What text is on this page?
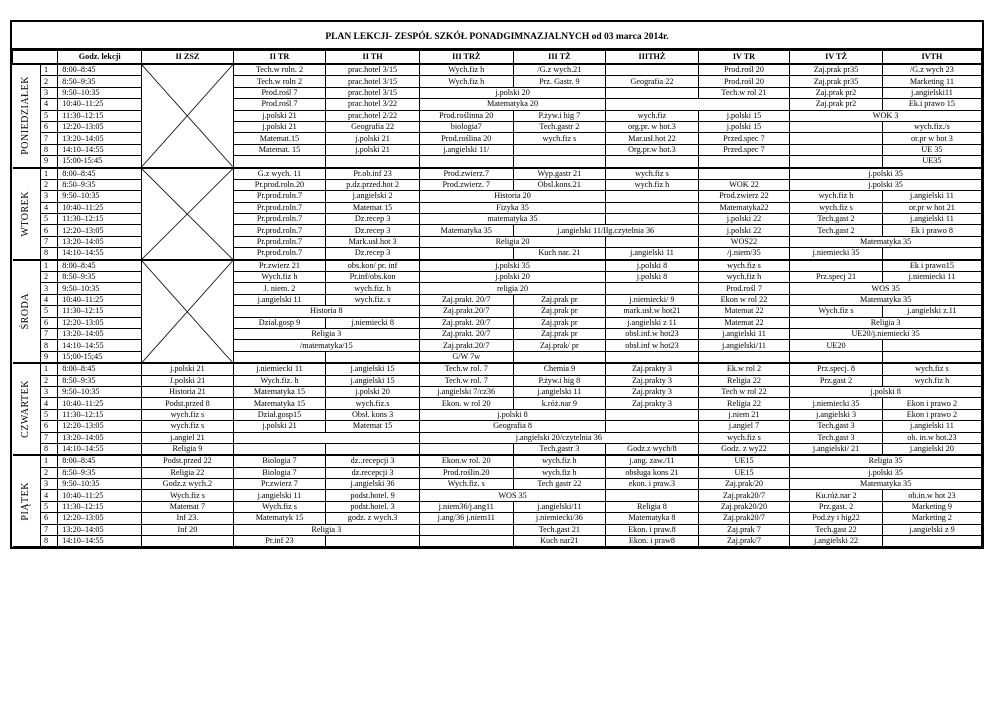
PLAN LEKCJI- ZESPÓŁ SZKÓŁ PONADGIMNAZJALNYCH od 03 marca 2014r.
		Godz. lekcji	II ZSZ	II TR	II TH	III TRŻ	III TŻ	IIITHŻ	IV TR	IV TŻ	IVTH

PONIEDZIAŁEK	1	8:00–8:45		Tech.w roln. 2	prac.hotel 3/15	Wych.fiz h	/G.z wych.21		Prod.rośl 20	Zaj.prak pr35	/G.z wych 23
	2	8:50–9:35		Tech.w roln 2	prac.hotel 3/15	Wych.fiz h	Prz. Gastr. 9	Geografia 22	Prod.rośl 20	Zaj.prak pr35	Marketing 11
	3	9:50–10:35		Prod.rośl 7	prac.hotel 3/15	j.polski 20			Tech.w rol 21	Zaj.prak pr2	j.angielski11
	4	10:40–11:25		Prod.rośl 7	prac.hotel 3/22	Matematyka 20				Zaj.prak pr2	Ek.i prawo 15
	5	11:30–12:15		j.polski 21	prac.hotel 2/22	Prod.roślinna 20	P.żyw.i hig 7	wych.fiz	j.polski 15	WOK 3	
	6	12:20–13:05		j.polski 21	Geografia 22	biologia7	Tech.gastr 2	org.pr. w hot.3	j.polski 15		wych.fiz./s
	7	13:20–14:05		Matemat.15	j.polski 21	Prod.roślina 20	wych.fiz s	Mar.usł.hot 22	Przed.spec 7		or.pr w hot 3
	8	14:10–14:55		Matemat. 15	j.polski 21	j.angielski 11/		Org.pr.w hot.3	Przed.spec 7		UE 35
	9	15:00-15:45									UE35

WTOREK	1	8:00–8:45		G.z wych. 11	Pr.ob.inf 23	Prod.zwierz.7	Wyp.gastr 21	wych.fiz s		j.polski 35	
	2	8:50–9:35		Pr.prod.roln.20	p.dz.przed.hot 2	Prod.zwierz. 7	Obsl.kons.21	wych.fiz h	WOK 22	j.polski 35	
	3	9:50–10:35		Pr.prod.roln.7	j.angielski 2	Historia 20			Prod.zwierz 22	wych.fiz h	j.angielski 11
	4	10:40–11:25		Pr.prod.roln.7	Matemat 15	Fizyka 35			Matematyka22	wych.fiz s	or.pr w hot 21
	5	11:30–12:15		Pr.prod.roln.7	Dz.recep 3	matematyka 35			j.polski 22	Tech.gast 2	j.angielski 11
	6	12:20–13:05		Pr.prod.roln.7	Dz.recep 3	Matematyka 35	j.angielski 11/Iłg.czytelnia 36		j.polski 22	Tech.gast 2	Ek i prawo 8
	7	13:20–14:05		Pr.prod.roln.7	Mark.usł.hot 3	Religia 20			WOS22	Matematyka 35	
	8	14:10–14:55		Pr.prod.roln.7	Dz.recep 3		Kuch nar. 21	j.angielski 11	/j.niem/35	j.niemiecki 35	

ŚRODA	1	8:00–8:45		Pr.zwierz 21	obs.kon/ pr. inf	j.polski 35		j.polski 8	wych.fiz s		Ek i prawo15
	2	8:50–9:35		Wych.fiz h	Pr.inf/obs.kon	j.polski 20		j.polski 8	wych.fiz h	Prz.specj 21	j.niemiecki 11
	3	9:50–10:35		J. niem. 2	wych.fiz. h	religia 20			Prod.rośl 7	WOS 35	
	4	10:40–11:25		j.angielski 11	wych.fiz. s	Zaj.prakt. 20/7	Zaj.prak pr	j.niemiecki/ 9	Ekon w rol 22	Matematyka 35	
	5	11:30–12:15		Historia 8		Zaj.prakt.20/7	Zaj.prak pr	mark.usł.w hot21	Matemat 22	Wych.fiz s	j.angielski z.11
	6	12:20–13:05		Dział.gosp 9	j.niemiecki 8	Zaj.prakt. 20/7	Zaj.prak pr	j.angielski z 11	Matemat 22	Religia 3	
	7	13:20–14:05		Religia 3		Zaj.prakt. 20/7	Zaj.prak pr	obsł.inf.w hot23	j.angielski 11	UE20/j.niemiecki 35	
	8	14:10–14:55		/matematyka/15		Zaj.prakt.20/7	Zaj.prak/ pr	obsł.inf w hot23	j.angielski/11	UE20	
	9	15;00-15;45				G/W 7w					

CZWARTEK	1	8:00–8:45	j.polski 21	j.niemiecki 11	j.angielski 15	Tech.w rol. 7	Chemia 9	Zaj.prakty 3	Ek.w rol 2	Prz.specj. 8	wych.fiz s
	2	8:50–9:35	J.polski 21	Wych.fiz. h	j.angielski 15	Tech.w rol. 7	P.żyw.i hig 8	Zaj.prakty 3	Religia 22	Prz.gast 2	wych.fiz h
	3	9:50–10:35	Historia 21	Matematyka 15	j.polski 20	j.angielski 7/cz36	j.angielski 11	Zaj.prakty 3	Tech w rol 22	j.polski 8	
	4	10:40–11:25	Podst.przed 8	Matematyka 15	wych.fiz.s	Ekon. w rol 20	k.róż.nar 9	Zaj.prakty 3	Religia 22	j.niemiecki 35	Ekon i prawo 2
	5	11:30–12:15	wych.fiz s	Dział.gosp15	Obsł. kons 3	j.polski 8			j.niem 21	j.angielski 3	Ekon i prawo 2
	6	12:20–13:05	wych.fiz s	j.polski 21	Matemat 15	Geografia 8			j.angiel 7	Tech.gast 3	j.angielski 11
	7	13:20–14:05	j.angiel 21			j.angielski 20/czytelnia 36			wych.fiz s	Tech.gast 3	ob. in.w hot.23
	8	14:10–14:55	Religia 9				Tech.gastr 3	Godz.z wych/8	Godz. z wy22	j.angielski/ 21	j.angielski 20

PIĄTEK	1	8:00–8:45	Podst.przed 22	Biologia 7	dz..recepcji 3	Ekon.w rol. 20	wych.fiz h	j.ang. zaw./11	UE15	Religia 35	
	2	8:50–9:35	Religia 22	Biologia 7	dz.recepcji 3	Prod.roślin.20	wych.fiz h	obsługa kons 21	UE15	j.polski 35	
	3	9:50–10:35	Godz.z wych.2	Pr.zwierz 7	j.angielski 36	Wych.fiz. s	Tech gastr 22	ekon. i praw.3	Zaj.prak/20	Matematyka 35	
	4	10:40–11:25	Wych.fiz s	j.angielski 11	podst.hotel. 9	WOS 35			Zaj.prak20/7	Ku.róż.nar 2	ob.in.w hot 23
	5	11:30–12:15	Matemat 7	Wych.fiz s	podst.hotel. 3	j.niem36/j.ang11	j.angielski/11	Religia 8	Zaj.prak20/20	Prz.gast. 2	Marketing 9
	6	12:20–13:05	Inf 23.	Matematyk 15	godz. z wych.3	j.ang/36 j.niem11	j.niemiecki/36	Matematyka 8	Zaj.prak20/7	Pod.ży i hig22	Marketing 2
	7	13:20–14:05	Inf 20	Religia 3			Tech.gast 21	Ekon. i praw.8	Zaj.prak 7	Tech.gast 22	j.angielski z 9
	8	14:10–14:55		Pr.inf 23			Kuch nar21	Ekon. i praw8	Zaj.prak/7	j.angielski 22	
